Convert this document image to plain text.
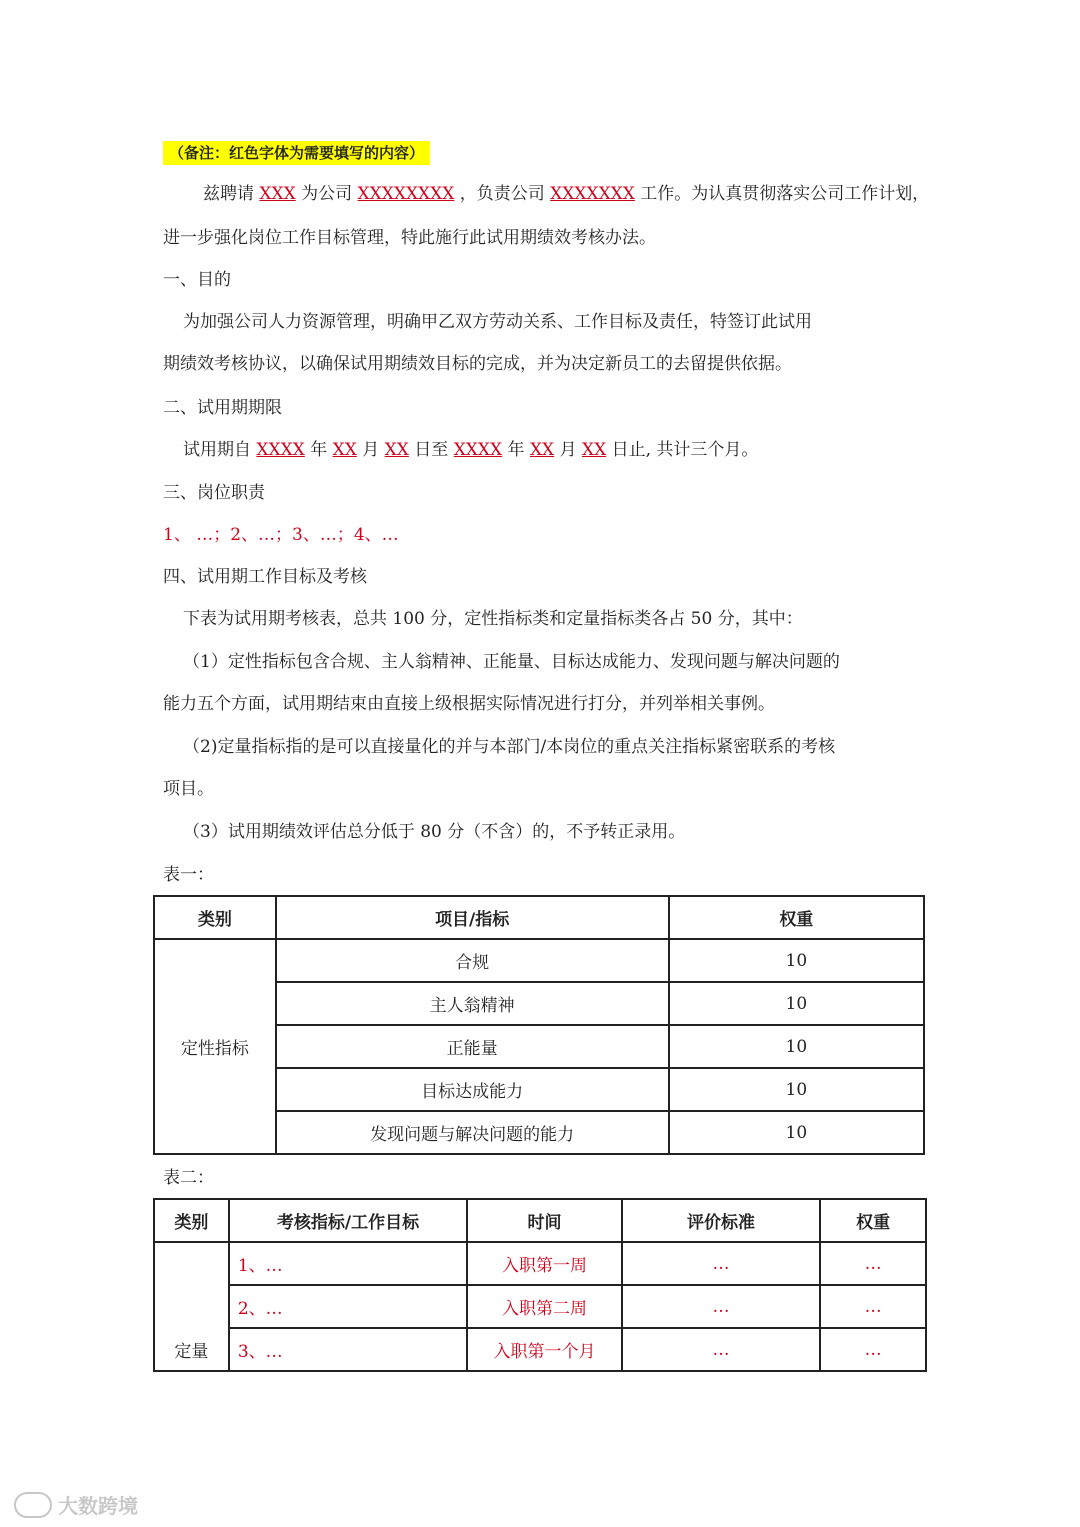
（备注：红色字体为需要填写的内容）
兹聘请 XXX 为公司 XXXXXXXX ，负责公司 XXXXXXX 工作。为认真贯彻落实公司工作计划，
进一步强化岗位工作目标管理，特此施行此试用期绩效考核办法。
一、目的
为加强公司人力资源管理，明确甲乙双方劳动关系、工作目标及责任，特签订此试用
期绩效考核协议，以确保试用期绩效目标的完成，并为决定新员工的去留提供依据。
二、试用期期限
试用期自 XXXX 年 XX 月 XX 日至 XXXX 年 XX 月 XX 日止, 共计三个月。
三、岗位职责
1、 …；2、…；3、…；4、…
四、试用期工作目标及考核
下表为试用期考核表，总共 100 分，定性指标类和定量指标类各占 50 分，其中：
（1）定性指标包含合规、主人翁精神、正能量、目标达成能力、发现问题与解决问题的
能力五个方面，试用期结束由直接上级根据实际情况进行打分，并列举相关事例。
（2)定量指标指的是可以直接量化的并与本部门/本岗位的重点关注指标紧密联系的考核
项目。
（3）试用期绩效评估总分低于 80 分（不含）的，不予转正录用。
表一：
类别	项目/指标	权重
定性指标	合规	10
	主人翁精神	10
	正能量	10
	目标达成能力	10
	发现问题与解决问题的能力	10
表二：
类别	考核指标/工作目标	时间	评价标准	权重
定量	1、…	入职第一周	…	…
	2、…	入职第二周	…	…
	3、…	入职第一个月	…	…
大数跨境
